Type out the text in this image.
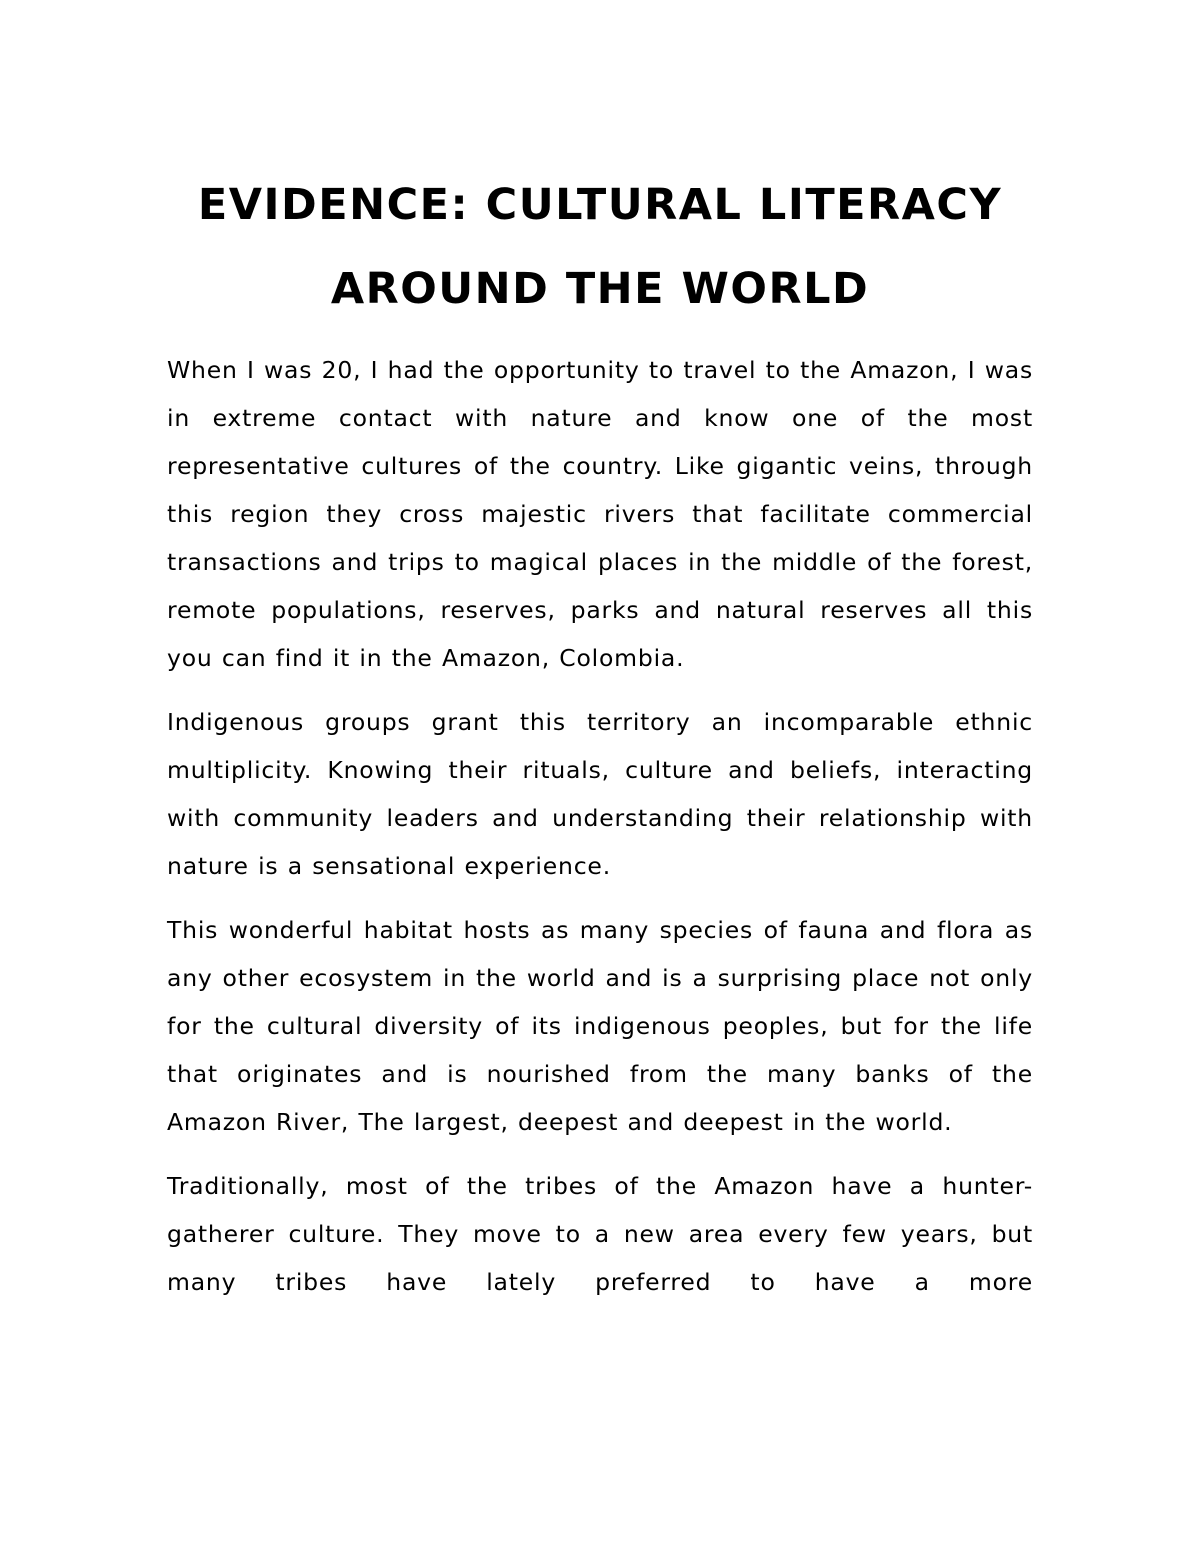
EVIDENCE: CULTURAL LITERACY
AROUND THE WORLD

When I was 20, I had the opportunity to travel to the Amazon, I was in extreme contact with nature and know one of the most representative cultures of the country. Like gigantic veins, through this region they cross majestic rivers that facilitate commercial transactions and trips to magical places in the middle of the forest, remote populations, reserves, parks and natural reserves all this you can find it in the Amazon, Colombia.

Indigenous groups grant this territory an incomparable ethnic multiplicity. Knowing their rituals, culture and beliefs, interacting with community leaders and understanding their relationship with nature is a sensational experience.

This wonderful habitat hosts as many species of fauna and flora as any other ecosystem in the world and is a surprising place not only for the cultural diversity of its indigenous peoples, but for the life that originates and is nourished from the many banks of the Amazon River, The largest, deepest and deepest in the world.

Traditionally, most of the tribes of the Amazon have a hunter-gatherer culture. They move to a new area every few years, but many tribes have lately preferred to have a more
